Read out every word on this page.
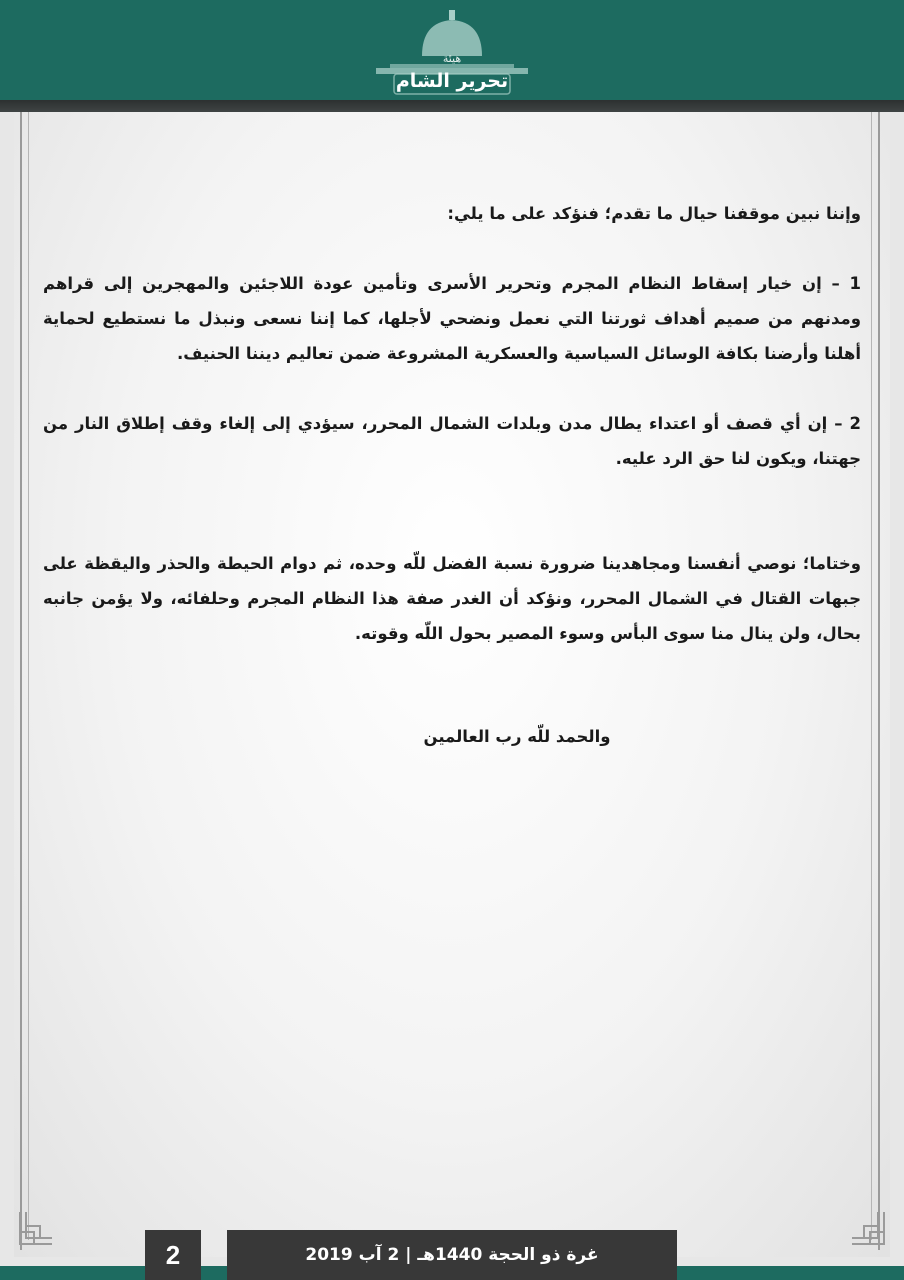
هيئة
تحرير الشام

وإننا نبين موقفنا حيال ما تقدم؛ فنؤكد على ما يلي:

1 – إن خيار إسقاط النظام المجرم وتحرير الأسرى وتأمين عودة اللاجئين والمهجرين إلى قراهم ومدنهم من صميم أهداف ثورتنا التي نعمل ونضحي لأجلها، كما إننا نسعى ونبذل ما نستطيع لحماية أهلنا وأرضنا بكافة الوسائل السياسية والعسكرية المشروعة ضمن تعاليم ديننا الحنيف.

2 – إن أي قصف أو اعتداء يطال مدن وبلدات الشمال المحرر، سيؤدي إلى إلغاء وقف إطلاق النار من جهتنا، ويكون لنا حق الرد عليه.

وختاما؛ نوصي أنفسنا ومجاهدينا ضرورة نسبة الفضل للّه وحده، ثم دوام الحيطة والحذر واليقظة على جبهات القتال في الشمال المحرر، ونؤكد أن الغدر صفة هذا النظام المجرم وحلفائه، ولا يؤمن جانبه بحال، ولن ينال منا سوى البأس وسوء المصير بحول اللّه وقوته.

والحمد للّه رب العالمين

غرة ذو الحجة 1440هـ | 2 آب 2019
2
